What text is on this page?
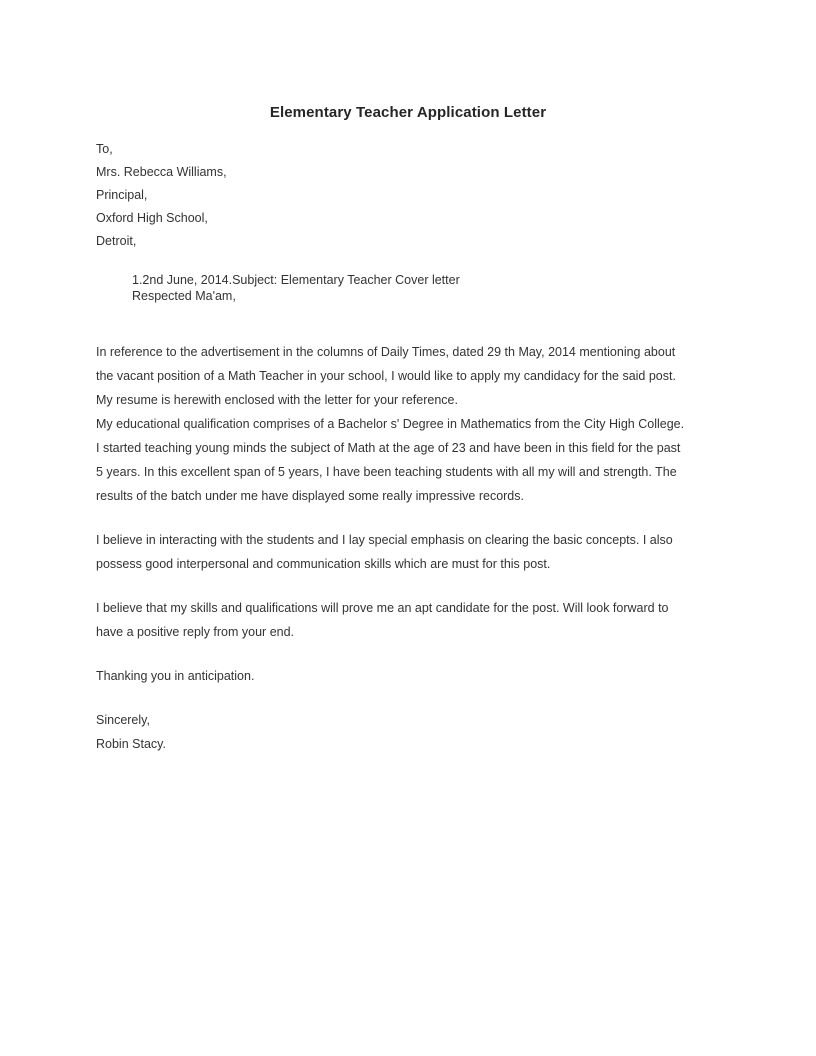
Elementary Teacher Application Letter
To,
Mrs. Rebecca Williams,
Principal,
Oxford High School,
Detroit,
1.2nd June, 2014.Subject: Elementary Teacher Cover letter
Respected Ma'am,

In reference to the advertisement in the columns of Daily Times, dated 29 th May, 2014 mentioning about
the vacant position of a Math Teacher in your school, I would like to apply my candidacy for the said post.
My resume is herewith enclosed with the letter for your reference.
My educational qualification comprises of a Bachelor s' Degree in Mathematics from the City High College.
I started teaching young minds the subject of Math at the age of 23 and have been in this field for the past
5 years. In this excellent span of 5 years, I have been teaching students with all my will and strength. The
results of the batch under me have displayed some really impressive records.

I believe in interacting with the students and I lay special emphasis on clearing the basic concepts. I also
possess good interpersonal and communication skills which are must for this post.

I believe that my skills and qualifications will prove me an apt candidate for the post. Will look forward to
have a positive reply from your end.

Thanking you in anticipation.

Sincerely,
Robin Stacy.
